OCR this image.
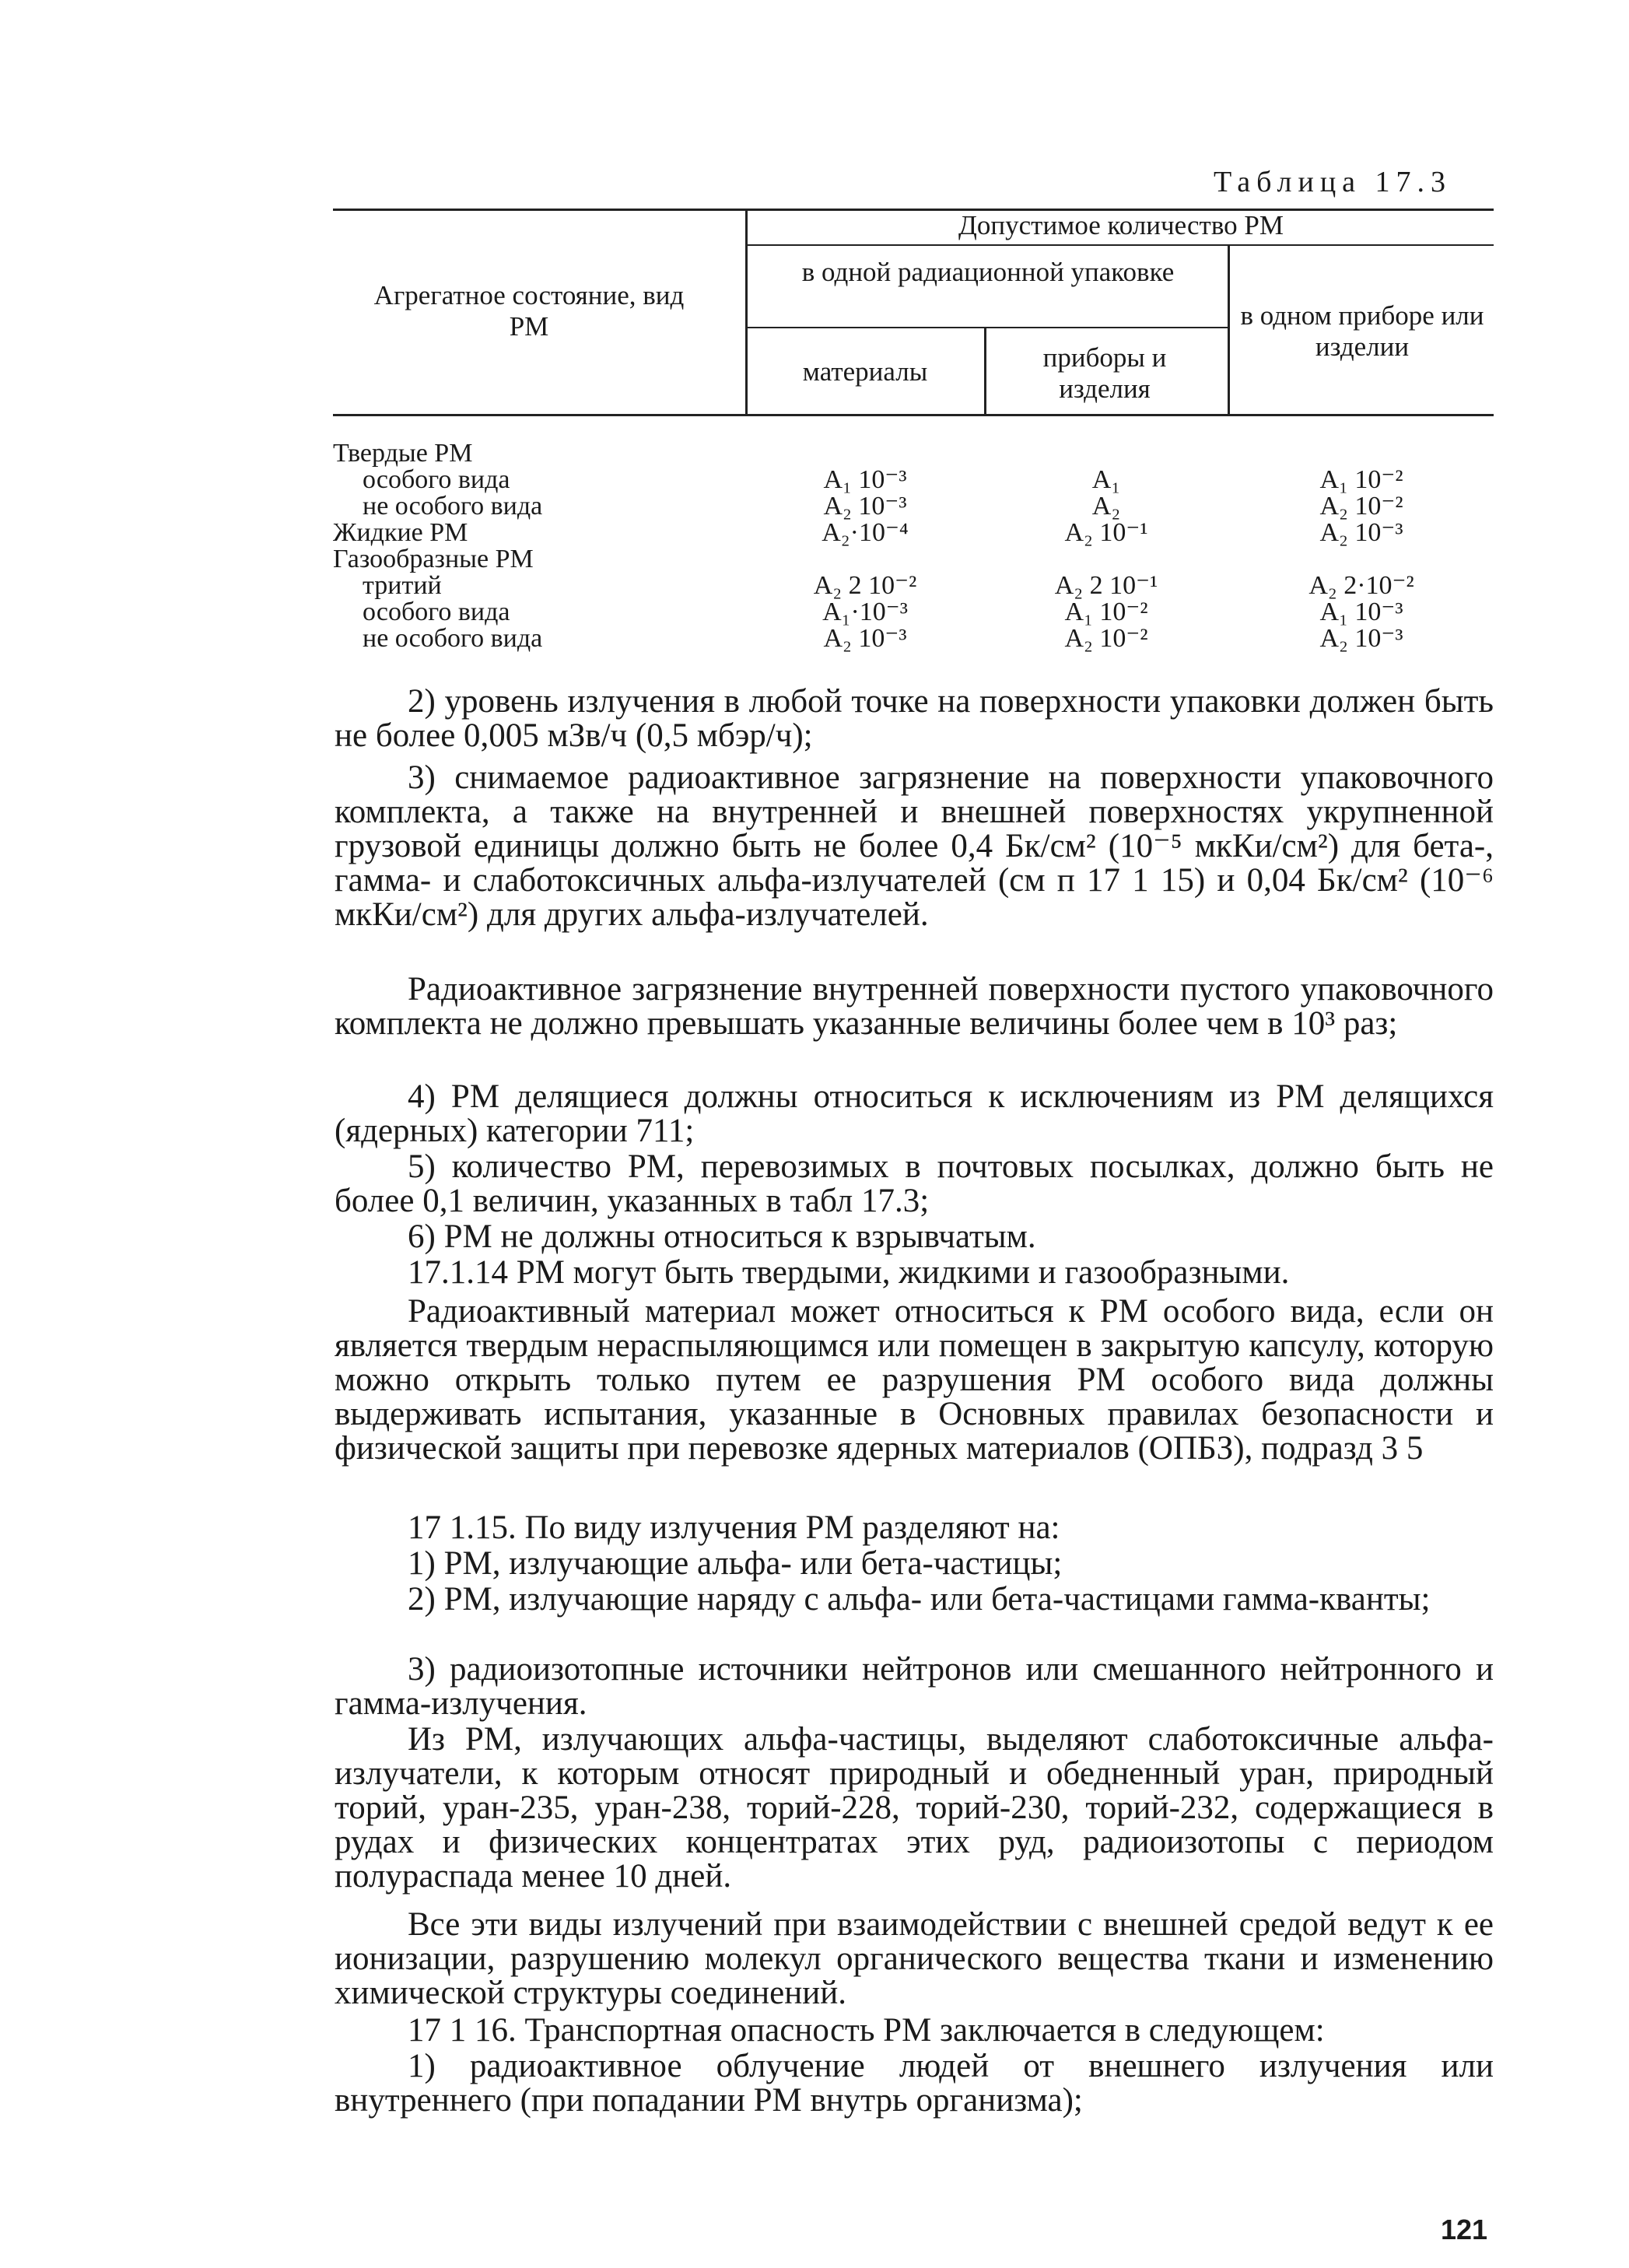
Таблица 17.3
Агрегатное состояние, вид РМ
Допустимое количество РМ
в одной радиационной упаковке
материалы	приборы и изделия
в одном приборе или изделии
Твердые РМ
особого вида	A₁ 10⁻³	A₁	A₁ 10⁻²
не особого вида	A₂ 10⁻³	A₂	A₂ 10⁻²
Жидкие РМ	A₂·10⁻⁴	A₂ 10⁻¹	A₂ 10⁻³
Газообразные РМ
тритий	A₂ 2 10⁻²	A₂ 2 10⁻¹	A₂ 2·10⁻²
особого вида	A₁·10⁻³	A₁ 10⁻²	A₁ 10⁻³
не особого вида	A₂ 10⁻³	A₂ 10⁻²	A₂ 10⁻³

2) уровень излучения в любой точке на поверхности упаковки должен быть не более 0,005 мЗв/ч (0,5 мбэр/ч);

3) снимаемое радиоактивное загрязнение на поверхности упаковочного комплекта, а также на внутренней и внешней поверхностях укрупненной грузовой единицы должно быть не более 0,4 Бк/см² (10⁻⁵ мкКи/см²) для бета-, гамма- и слаботоксичных альфа-излучателей (см п 17 1 15) и 0,04 Бк/см² (10⁻⁶ мкКи/см²) для других альфа-излучателей.

Радиоактивное загрязнение внутренней поверхности пустого упаковочного комплекта не должно превышать указанные величины более чем в 10³ раз;

4) РМ делящиеся должны относиться к исключениям из РМ делящихся (ядерных) категории 711;

5) количество РМ, перевозимых в почтовых посылках, должно быть не более 0,1 величин, указанных в табл 17.3;

6) РМ не должны относиться к взрывчатым.

17.1.14 РМ могут быть твердыми, жидкими и газообразными.

Радиоактивный материал может относиться к РМ особого вида, если он является твердым нераспыляющимся или помещен в закрытую капсулу, которую можно открыть только путем ее разрушения РМ особого вида должны выдерживать испытания, указанные в Основных правилах безопасности и физической защиты при перевозке ядерных материалов (ОПБЗ), подразд 3 5

17 1.15. По виду излучения РМ разделяют на:

1) РМ, излучающие альфа- или бета-частицы;

2) РМ, излучающие наряду с альфа- или бета-частицами гамма-кванты;

3) радиоизотопные источники нейтронов или смешанного нейтронного и гамма-излучения.

Из РМ, излучающих альфа-частицы, выделяют слаботоксичные альфа-излучатели, к которым относят природный и обедненный уран, природный торий, уран-235, уран-238, торий-228, торий-230, торий-232, содержащиеся в рудах и физических концентратах этих руд, радиоизотопы с периодом полураспада менее 10 дней.

Все эти виды излучений при взаимодействии с внешней средой ведут к ее ионизации, разрушению молекул органического вещества ткани и изменению химической структуры соединений.

17 1 16. Транспортная опасность РМ заключается в следующем:

1) радиоактивное облучение людей от внешнего излучения или внутреннего (при попадании РМ внутрь организма);

121
